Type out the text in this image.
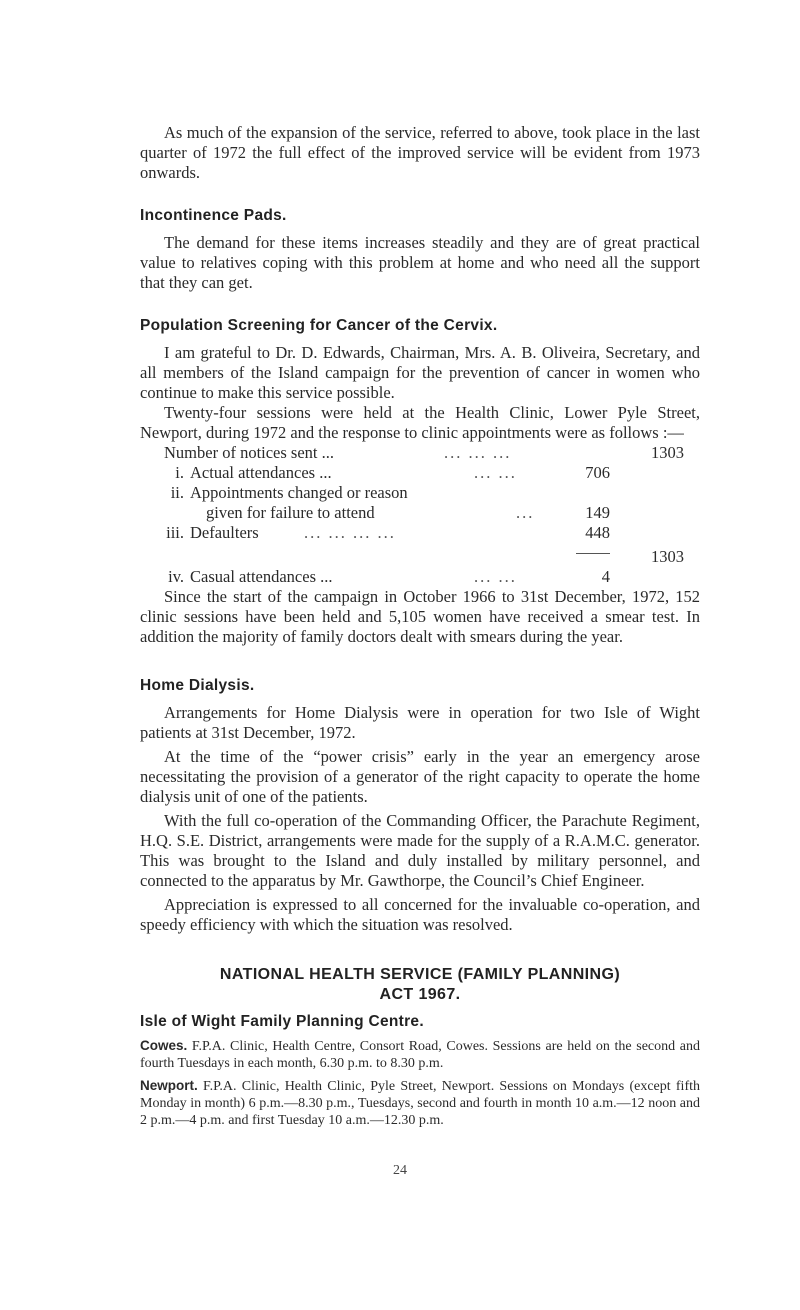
As much of the expansion of the service, referred to above, took place in the last quarter of 1972 the full effect of the improved service will be evident from 1973 onwards.

Incontinence Pads.

The demand for these items increases steadily and they are of great practical value to relatives coping with this problem at home and who need all the support that they can get.

Population Screening for Cancer of the Cervix.

I am grateful to Dr. D. Edwards, Chairman, Mrs. A. B. Oliveira, Secretary, and all members of the Island campaign for the prevention of cancer in women who continue to make this service possible.

Twenty-four sessions were held at the Health Clinic, Lower Pyle Street, Newport, during 1972 and the response to clinic appointments were as follows :—

Number of notices sent ...	... ... ...	1303
i. Actual attendances ...	... ...	706
ii. Appointments changed or reason
given for failure to attend	...	149
iii. Defaulters	... ... ... ...	448
1303
iv. Casual attendances ...	... ...	4

Since the start of the campaign in October 1966 to 31st December, 1972, 152 clinic sessions have been held and 5,105 women have received a smear test. In addition the majority of family doctors dealt with smears during the year.

Home Dialysis.

Arrangements for Home Dialysis were in operation for two Isle of Wight patients at 31st December, 1972.

At the time of the “power crisis” early in the year an emergency arose necessitating the provision of a generator of the right capacity to operate the home dialysis unit of one of the patients.

With the full co-operation of the Commanding Officer, the Parachute Regiment, H.Q. S.E. District, arrangements were made for the supply of a R.A.M.C. generator. This was brought to the Island and duly installed by military personnel, and connected to the apparatus by Mr. Gawthorpe, the Council’s Chief Engineer.

Appreciation is expressed to all concerned for the invaluable co-operation, and speedy efficiency with which the situation was resolved.

NATIONAL HEALTH SERVICE (FAMILY PLANNING)
ACT 1967.
Isle of Wight Family Planning Centre.

Cowes. F.P.A. Clinic, Health Centre, Consort Road, Cowes. Sessions are held on the second and fourth Tuesdays in each month, 6.30 p.m. to 8.30 p.m.

Newport. F.P.A. Clinic, Health Clinic, Pyle Street, Newport. Sessions on Mondays (except fifth Monday in month) 6 p.m.—8.30 p.m., Tuesdays, second and fourth in month 10 a.m.—12 noon and 2 p.m.—4 p.m. and first Tuesday 10 a.m.—12.30 p.m.

24
